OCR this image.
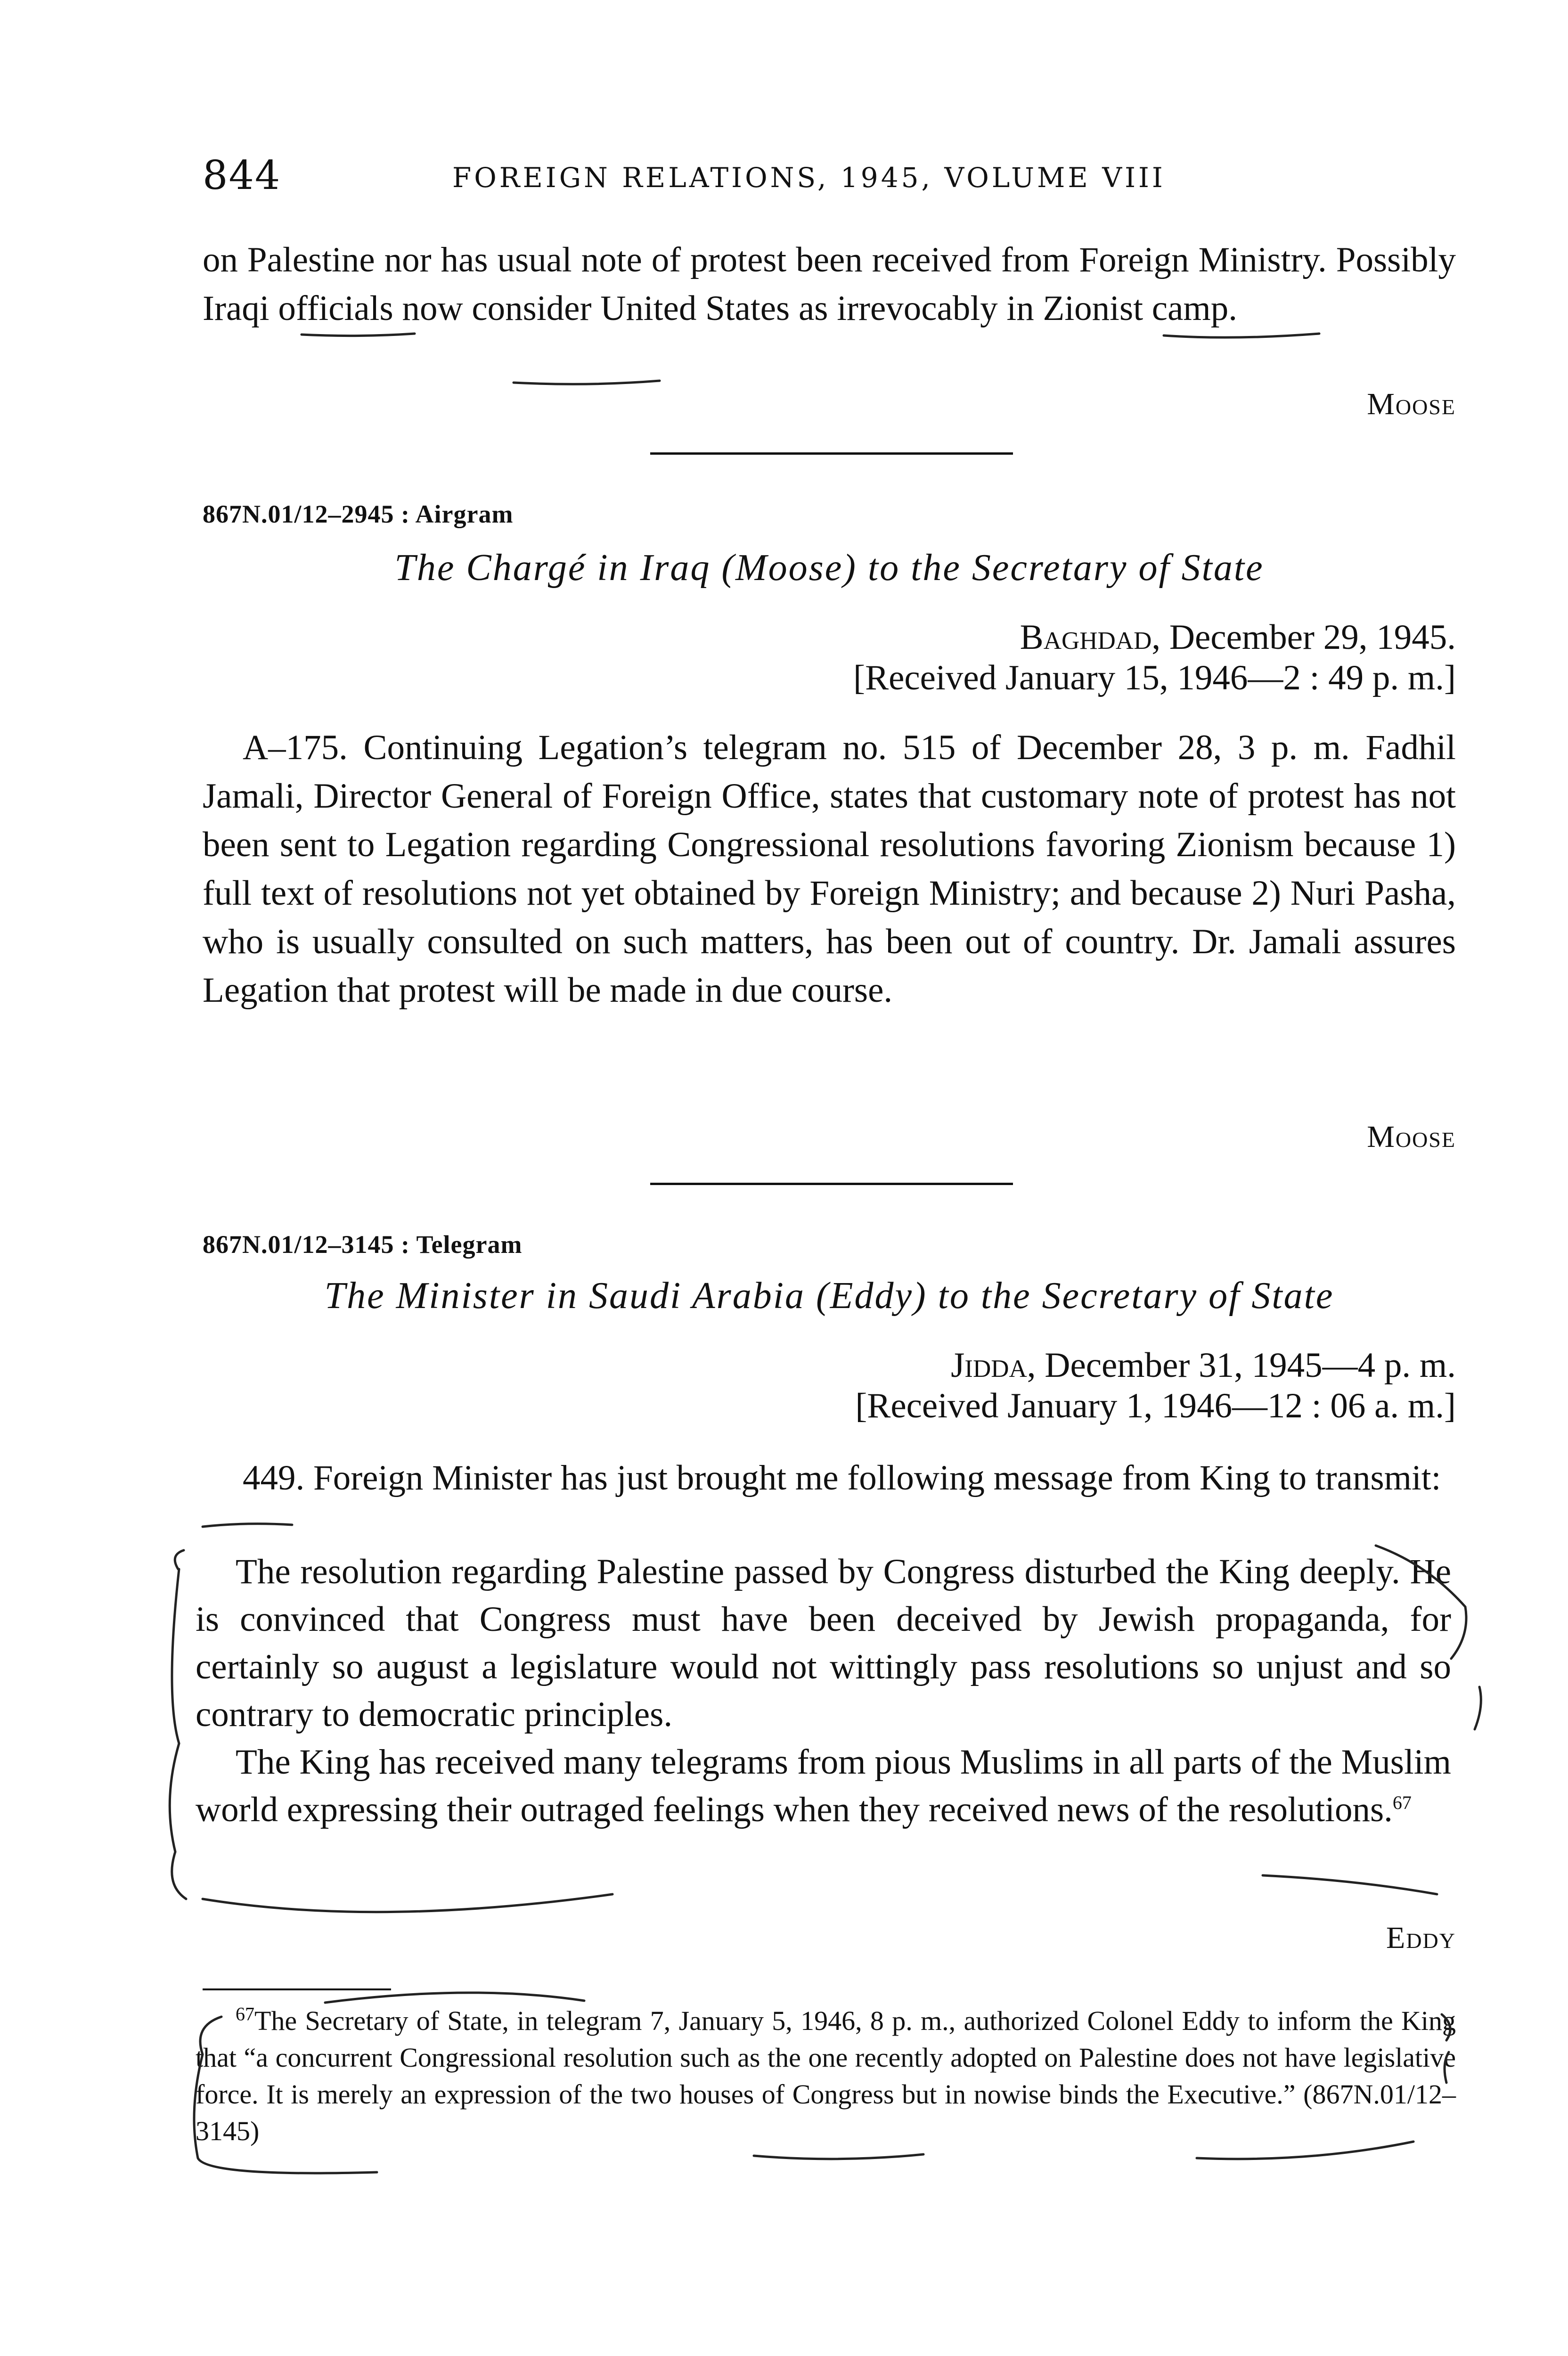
844	FOREIGN RELATIONS, 1945, VOLUME VIII

on Palestine nor has usual note of protest been received from Foreign Ministry. Possibly Iraqi officials now consider United States as irrevocably in Zionist camp.

Moose
867N.01/12–2945 : Airgram
The Chargé in Iraq (Moose) to the Secretary of State
Baghdad, December 29, 1945.
[Received January 15, 1946—2 : 49 p. m.]

A–175. Continuing Legation’s telegram no. 515 of December 28, 3 p. m. Fadhil Jamali, Director General of Foreign Office, states that customary note of protest has not been sent to Legation regarding Congressional resolutions favoring Zionism because 1) full text of resolutions not yet obtained by Foreign Ministry; and because 2) Nuri Pasha, who is usually consulted on such matters, has been out of country. Dr. Jamali assures Legation that protest will be made in due course.

Moose
867N.01/12–3145 : Telegram
The Minister in Saudi Arabia (Eddy) to the Secretary of State
Jidda, December 31, 1945—4 p. m.
[Received January 1, 1946—12 : 06 a. m.]

449. Foreign Minister has just brought me following message from King to transmit:

The resolution regarding Palestine passed by Congress disturbed the King deeply. He is convinced that Congress must have been deceived by Jewish propaganda, for certainly so august a legislature would not wittingly pass resolutions so unjust and so contrary to democratic principles.

The King has received many telegrams from pious Muslims in all parts of the Muslim world expressing their outraged feelings when they received news of the resolutions.$^{67}$

Eddy

$^{67}$The Secretary of State, in telegram 7, January 5, 1946, 8 p. m., authorized Colonel Eddy to inform the King that “a concurrent Congressional resolution such as the one recently adopted on Palestine does not have legislative force. It is merely an expression of the two houses of Congress but in nowise binds the Executive.” (867N.01/12–3145)
